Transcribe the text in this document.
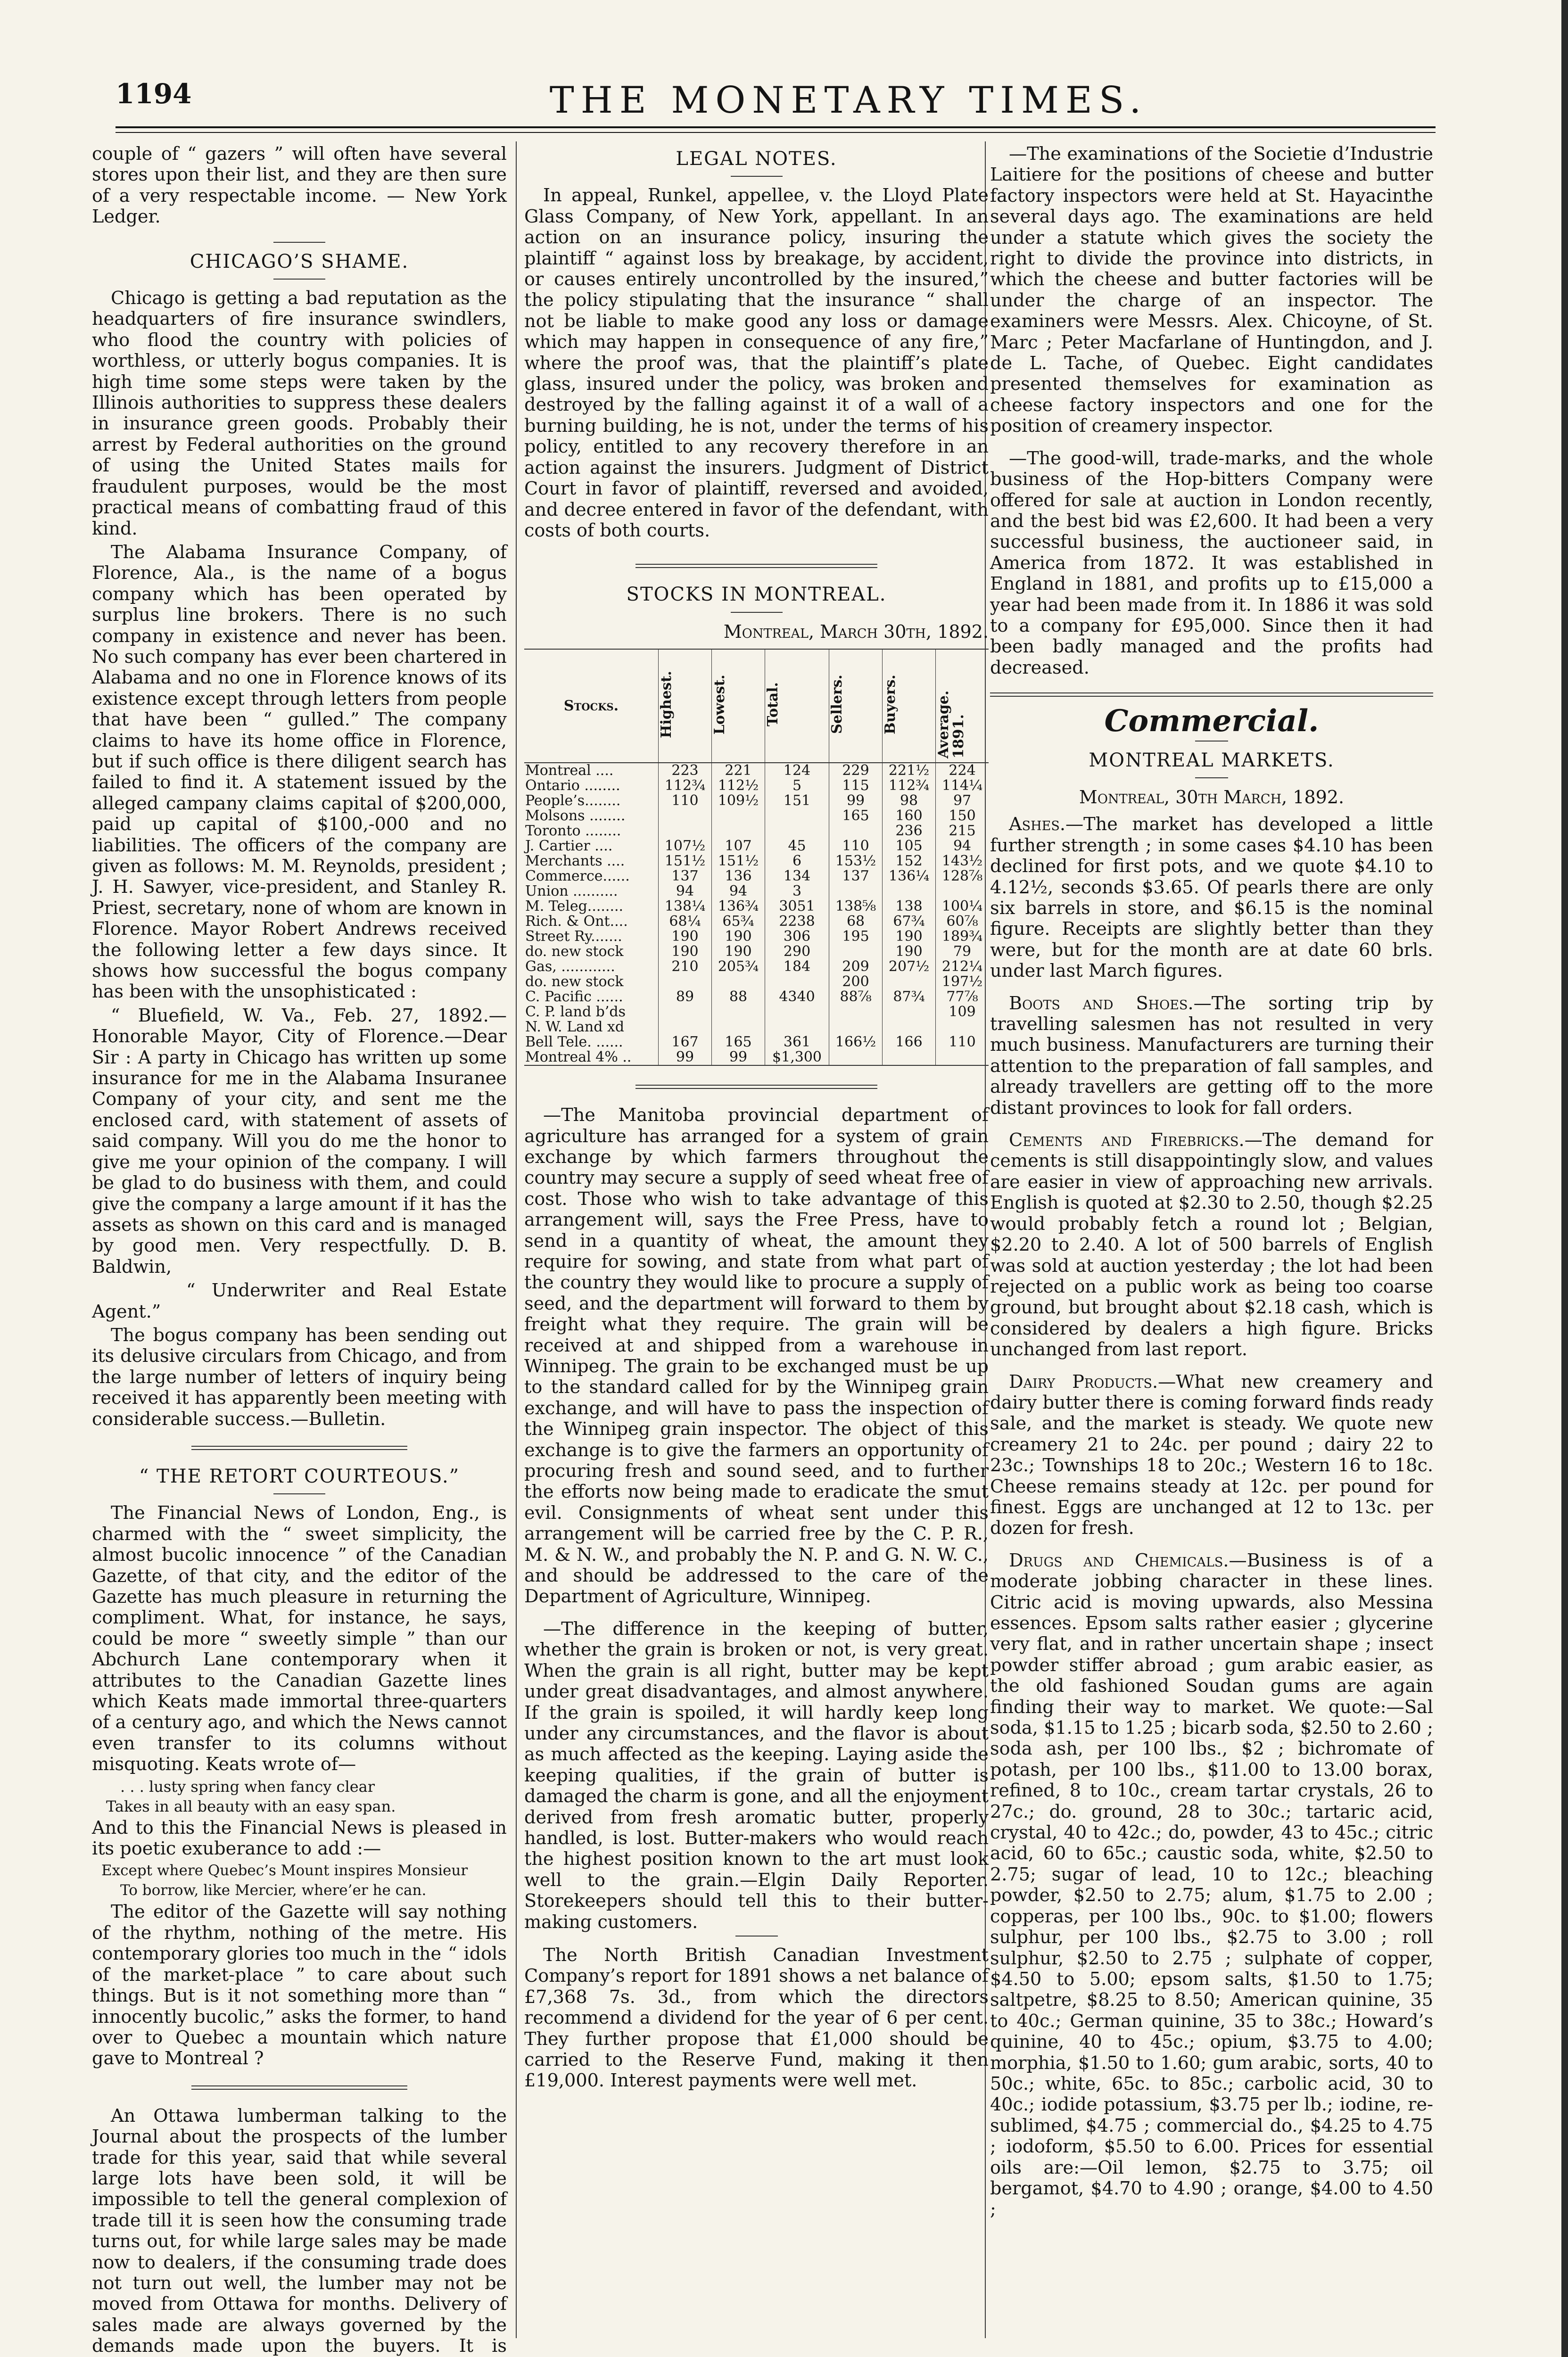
1194	THE MONETARY TIMES.

couple of “ gazers ” will often have several stores upon their list, and they are then sure of a very respectable income. — New York Ledger.

CHICAGO’S SHAME.

Chicago is getting a bad reputation as the headquarters of fire insurance swindlers, who flood the country with policies of worthless, or utterly bogus companies. It is high time some steps were taken by the Illinois authorities to suppress these dealers in insurance green goods. Probably their arrest by Federal authorities on the ground of using the United States mails for fraudulent purposes, would be the most practical means of combatting fraud of this kind.

The Alabama Insurance Company, of Florence, Ala., is the name of a bogus company which has been operated by surplus line brokers. There is no such company in existence and never has been. No such company has ever been chartered in Alabama and no one in Florence knows of its existence except through letters from people that have been “ gulled.” The company claims to have its home office in Florence, but if such office is there diligent search has failed to find it. A statement issued by the alleged campany claims capital of $200,000, paid up capital of $100,-000 and no liabilities. The officers of the company are given as follows: M. M. Reynolds, president ; J. H. Sawyer, vice-president, and Stanley R. Priest, secretary, none of whom are known in Florence. Mayor Robert Andrews received the following letter a few days since. It shows how successful the bogus company has been with the unsophisticated :

“ Bluefield, W. Va., Feb. 27, 1892.—Honorable Mayor, City of Florence.—Dear Sir : A party in Chicago has written up some insurance for me in the Alabama Insuranee Company of your city, and sent me the enclosed card, with statement of assets of said company. Will you do me the honor to give me your opinion of the company. I will be glad to do business with them, and could give the company a large amount if it has the assets as shown on this card and is managed by good men. Very respectfully. D. B. Baldwin,

“ Underwriter and Real Estate Agent.”

The bogus company has been sending out its delusive circulars from Chicago, and from the large number of letters of inquiry being received it has apparently been meeting with considerable success.—Bulletin.

“ THE RETORT COURTEOUS.”

The Financial News of London, Eng., is charmed with the “ sweet simplicity, the almost bucolic innocence ” of the Canadian Gazette, of that city, and the editor of the Gazette has much pleasure in returning the compliment. What, for instance, he says, could be more “ sweetly simple ” than our Abchurch Lane contemporary when it attributes to the Canadian Gazette lines which Keats made immortal three-quarters of a century ago, and which the News cannot even transfer to its columns without misquoting. Keats wrote of—

. . . lusty spring when fancy clear
Takes in all beauty with an easy span.

And to this the Financial News is pleased in its poetic exuberance to add :—

Except where Quebec’s Mount inspires Monsieur
To borrow, like Mercier, where’er he can.

The editor of the Gazette will say nothing of the rhythm, nothing of the metre. His contemporary glories too much in the “ idols of the market-place ” to care about such things. But is it not something more than “ innocently bucolic,” asks the former, to hand over to Quebec a mountain which nature gave to Montreal ?

An Ottawa lumberman talking to the Journal about the prospects of the lumber trade for this year, said that while several large lots have been sold, it will be impossible to tell the general complexion of trade till it is seen how the consuming trade turns out, for while large sales may be made now to dealers, if the consuming trade does not turn out well, the lumber may not be moved from Ottawa for months. Delivery of sales made are always governed by the demands made upon the buyers. It is

LEGAL NOTES.

In appeal, Runkel, appellee, v. the Lloyd Plate Glass Company, of New York, appellant. In an action on an insurance policy, insuring the plaintiff “ against loss by breakage, by accident, or causes entirely uncontrolled by the insured,” the policy stipulating that the insurance “ shall not be liable to make good any loss or damage which may happen in consequence of any fire,” where the proof was, that the plaintiff’s plate glass, insured under the policy, was broken and destroyed by the falling against it of a wall of a burning building, he is not, under the terms of his policy, entitled to any recovery therefore in an action against the insurers. Judgment of District Court in favor of plaintiff, reversed and avoided, and decree entered in favor of the defendant, with costs of both courts.

STOCKS IN MONTREAL.
Montreal, March 30th, 1892.
Stocks.	Highest.	Lowest.	Total.	Sellers.	Buyers.	Average. 1891.
Montreal ....	223	221	124	229	221½	224
Ontario ........	112¾	112½	5	115	112¾	114¼
People’s........	110	109½	151	99	98	97
Molsons ........				165	160	150
Toronto ........					236	215
J. Cartier ....	107½	107	45	110	105	94
Merchants ....	151½	151½	6	153½	152	143½
Commerce......	137	136	134	137	136¼	128⅞
Union ..........	94	94	3			
M. Teleg........	138¼	136¾	3051	138⅝	138	100¼
Rich. & Ont....	68¼	65¾	2238	68	67¾	60⅞
Street Ry.......	190	190	306	195	190	189¾
do. new stock	190	190	290		190	79
Gas, ............	210	205¾	184	209	207½	212¼
do. new stock				200		197½
C. Pacific ......	89	88	4340	88⅞	87¾	77⅞
C. P. land b’ds						109
N. W. Land xd						
Bell Tele. ......	167	165	361	166½	166	110
Montreal 4% ..	99	99	$1,300			

—The Manitoba provincial department of agriculture has arranged for a system of grain exchange by which farmers throughout the country may secure a supply of seed wheat free of cost. Those who wish to take advantage of this arrangement will, says the Free Press, have to send in a quantity of wheat, the amount they require for sowing, and state from what part of the country they would like to procure a supply of seed, and the department will forward to them by freight what they require. The grain will be received at and shipped from a warehouse in Winnipeg. The grain to be exchanged must be up to the standard called for by the Winnipeg grain exchange, and will have to pass the inspection of the Winnipeg grain inspector. The object of this exchange is to give the farmers an opportunity of procuring fresh and sound seed, and to further the efforts now being made to eradicate the smut evil. Consignments of wheat sent under this arrangement will be carried free by the C. P. R., M. & N. W., and probably the N. P. and G. N. W. C., and should be addressed to the care of the Department of Agriculture, Winnipeg.

—The difference in the keeping of butter, whether the grain is broken or not, is very great. When the grain is all right, butter may be kept under great disadvantages, and almost anywhere. If the grain is spoiled, it will hardly keep long under any circumstances, and the flavor is about as much affected as the keeping. Laying aside the keeping qualities, if the grain of butter is damaged the charm is gone, and all the enjoyment derived from fresh aromatic butter, properly handled, is lost. Butter-makers who would reach the highest position known to the art must look well to the grain.—Elgin Daily Reporter. Storekeepers should tell this to their butter-making customers.

The North British Canadian Investment Company’s report for 1891 shows a net balance of £7,368 7s. 3d., from which the directors recommend a dividend for the year of 6 per cent. They further propose that £1,000 should be carried to the Reserve Fund, making it then £19,000. Interest payments were well met.

—The examinations of the Societie d’Industrie Laitiere for the positions of cheese and butter factory inspectors were held at St. Hayacinthe several days ago. The examinations are held under a statute which gives the society the right to divide the province into districts, in which the cheese and butter factories will be under the charge of an inspector. The examiners were Messrs. Alex. Chicoyne, of St. Marc ; Peter Macfarlane of Huntingdon, and J. de L. Tache, of Quebec. Eight candidates presented themselves for examination as cheese factory inspectors and one for the position of creamery inspector.

—The good-will, trade-marks, and the whole business of the Hop-bitters Company were offered for sale at auction in London recently, and the best bid was £2,600. It had been a very successful business, the auctioneer said, in America from 1872. It was established in England in 1881, and profits up to £15,000 a year had been made from it. In 1886 it was sold to a company for £95,000. Since then it had been badly managed and the profits had decreased.

Commercial.
MONTREAL MARKETS.
Montreal, 30th March, 1892.

Ashes.—The market has developed a little further strength ; in some cases $4.10 has been declined for first pots, and we quote $4.10 to 4.12½, seconds $3.65. Of pearls there are only six barrels in store, and $6.15 is the nominal figure. Receipts are slightly better than they were, but for the month are at date 60 brls. under last March figures.

Boots and Shoes.—The sorting trip by travelling salesmen has not resulted in very much business. Manufacturers are turning their attention to the preparation of fall samples, and already travellers are getting off to the more distant provinces to look for fall orders.

Cements and Firebricks.—The demand for cements is still disappointingly slow, and values are easier in view of approaching new arrivals. English is quoted at $2.30 to 2.50, though $2.25 would probably fetch a round lot ; Belgian, $2.20 to 2.40. A lot of 500 barrels of English was sold at auction yesterday ; the lot had been rejected on a public work as being too coarse ground, but brought about $2.18 cash, which is considered by dealers a high figure. Bricks unchanged from last report.

Dairy Products.—What new creamery and dairy butter there is coming forward finds ready sale, and the market is steady. We quote new creamery 21 to 24c. per pound ; dairy 22 to 23c.; Townships 18 to 20c.; Western 16 to 18c. Cheese remains steady at 12c. per pound for finest. Eggs are unchanged at 12 to 13c. per dozen for fresh.

Drugs and Chemicals.—Business is of a moderate jobbing character in these lines. Citric acid is moving upwards, also Messina essences. Epsom salts rather easier ; glycerine very flat, and in rather uncertain shape ; insect powder stiffer abroad ; gum arabic easier, as the old fashioned Soudan gums are again finding their way to market. We quote:—Sal soda, $1.15 to 1.25 ; bicarb soda, $2.50 to 2.60 ; soda ash, per 100 lbs., $2 ; bichromate of potash, per 100 lbs., $11.00 to 13.00 borax, refined, 8 to 10c., cream tartar crystals, 26 to 27c.; do. ground, 28 to 30c.; tartaric acid, crystal, 40 to 42c.; do, powder, 43 to 45c.; citric acid, 60 to 65c.; caustic soda, white, $2.50 to 2.75; sugar of lead, 10 to 12c.; bleaching powder, $2.50 to 2.75; alum, $1.75 to 2.00 ; copperas, per 100 lbs., 90c. to $1.00; flowers sulphur, per 100 lbs., $2.75 to 3.00 ; roll sulphur, $2.50 to 2.75 ; sulphate of copper, $4.50 to 5.00; epsom salts, $1.50 to 1.75; saltpetre, $8.25 to 8.50; American quinine, 35 to 40c.; German quinine, 35 to 38c.; Howard’s quinine, 40 to 45c.; opium, $3.75 to 4.00; morphia, $1.50 to 1.60; gum arabic, sorts, 40 to 50c.; white, 65c. to 85c.; carbolic acid, 30 to 40c.; iodide potassium, $3.75 per lb.; iodine, re-sublimed, $4.75 ; commercial do., $4.25 to 4.75 ; iodoform, $5.50 to 6.00. Prices for essential oils are:—Oil lemon, $2.75 to 3.75; oil bergamot, $4.70 to 4.90 ; orange, $4.00 to 4.50 ;
